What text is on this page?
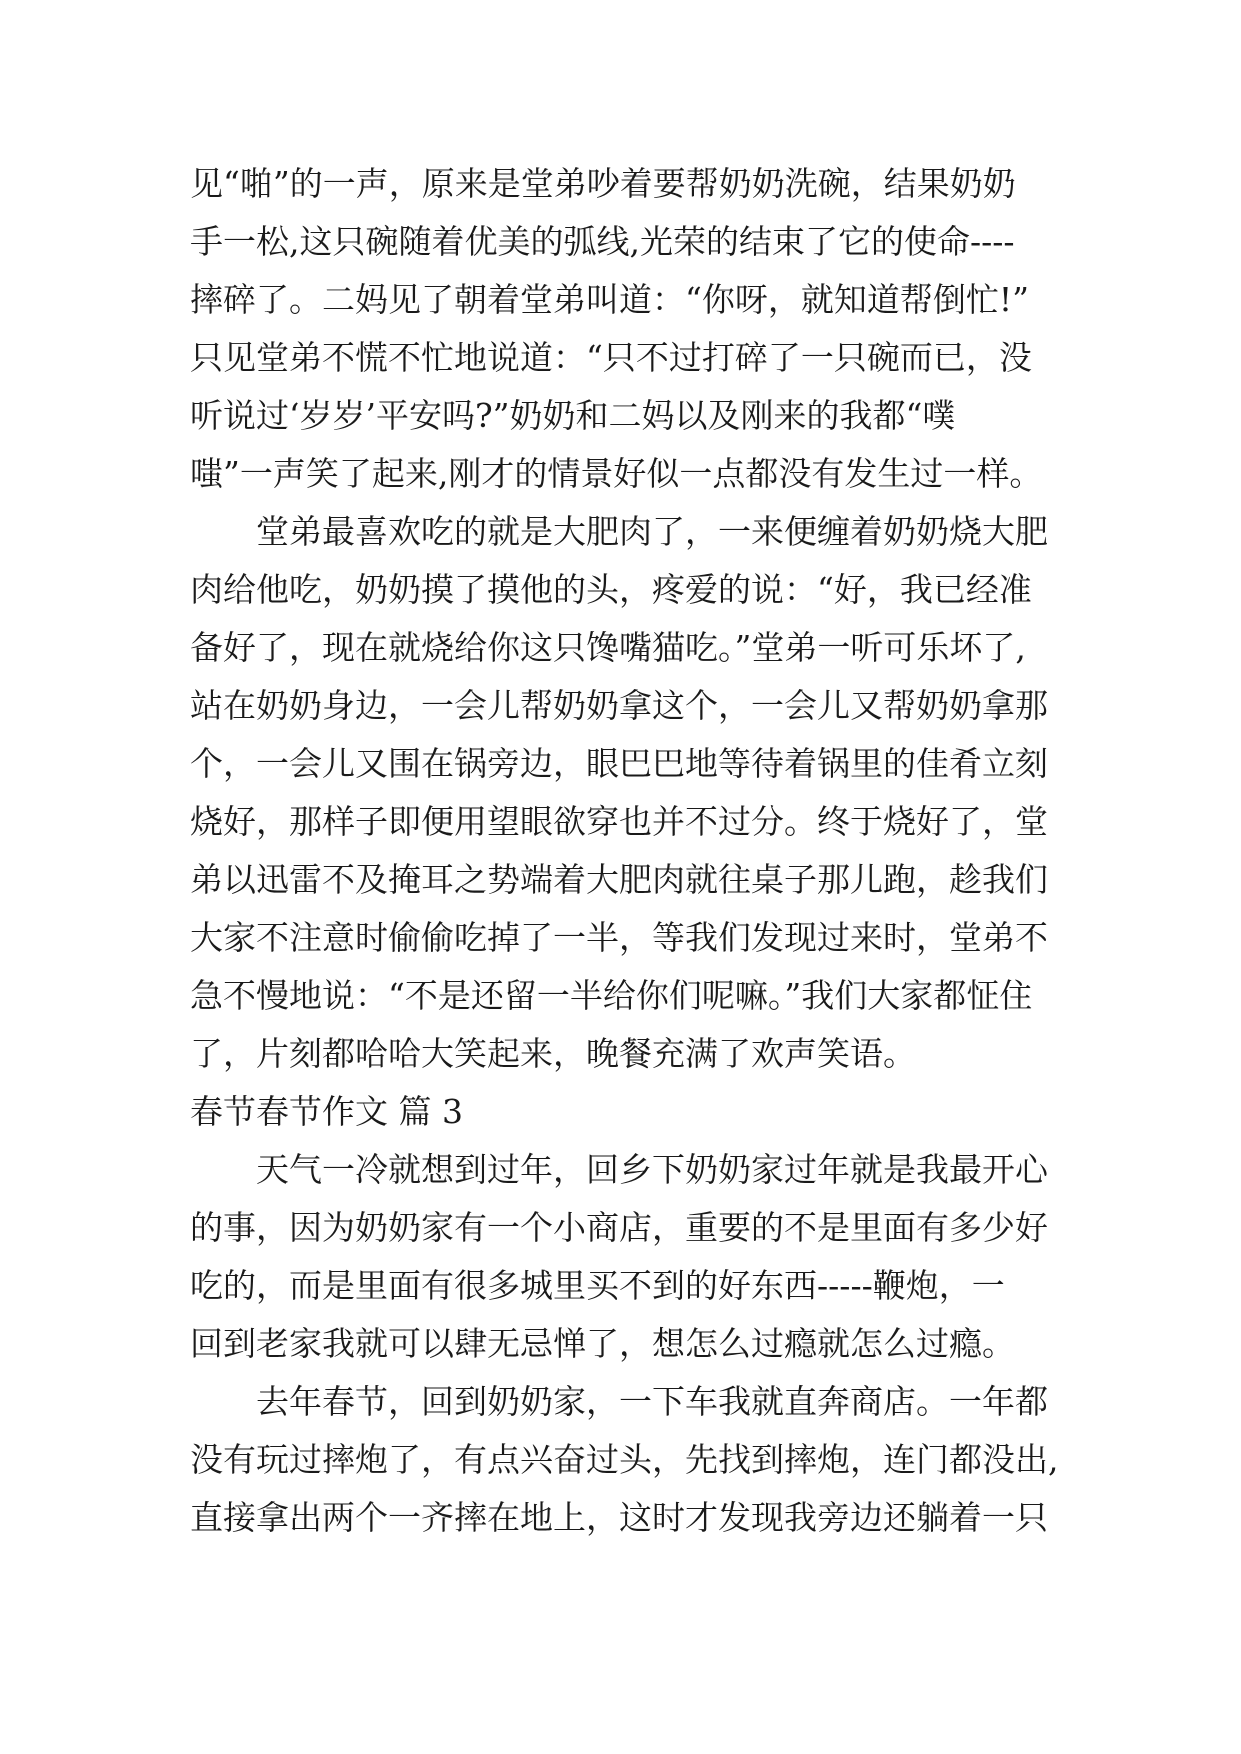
见“啪”的一声，原来是堂弟吵着要帮奶奶洗碗，结果奶奶
手一松,这只碗随着优美的弧线,光荣的结束了它的使命----
摔碎了。二妈见了朝着堂弟叫道：“你呀，就知道帮倒忙!”
只见堂弟不慌不忙地说道：“只不过打碎了一只碗而已，没
听说过‘岁岁’平安吗?”奶奶和二妈以及刚来的我都“噗
嗤”一声笑了起来,刚才的情景好似一点都没有发生过一样。
　　堂弟最喜欢吃的就是大肥肉了，一来便缠着奶奶烧大肥
肉给他吃，奶奶摸了摸他的头，疼爱的说：“好，我已经准
备好了，现在就烧给你这只馋嘴猫吃。”堂弟一听可乐坏了,
站在奶奶身边，一会儿帮奶奶拿这个，一会儿又帮奶奶拿那
个，一会儿又围在锅旁边，眼巴巴地等待着锅里的佳肴立刻
烧好，那样子即便用望眼欲穿也并不过分。终于烧好了，堂
弟以迅雷不及掩耳之势端着大肥肉就往桌子那儿跑，趁我们
大家不注意时偷偷吃掉了一半，等我们发现过来时，堂弟不
急不慢地说：“不是还留一半给你们呢嘛。”我们大家都怔住
了，片刻都哈哈大笑起来，晚餐充满了欢声笑语。
春节春节作文 篇 3
　　天气一冷就想到过年，回乡下奶奶家过年就是我最开心
的事，因为奶奶家有一个小商店，重要的不是里面有多少好
吃的，而是里面有很多城里买不到的好东西-----鞭炮，一
回到老家我就可以肆无忌惮了，想怎么过瘾就怎么过瘾。
　　去年春节，回到奶奶家，一下车我就直奔商店。一年都
没有玩过摔炮了，有点兴奋过头，先找到摔炮，连门都没出,
直接拿出两个一齐摔在地上，这时才发现我旁边还躺着一只
